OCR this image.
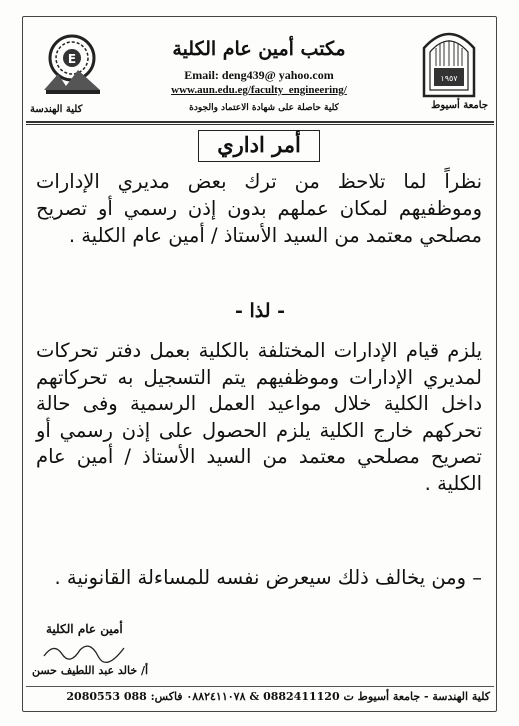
E
كلية الهندسة
١٩٥٧
جامعة أسيوط
مكتب أمين عام الكلية
Email: deng439@ yahoo.com
www.aun.edu.eg/faculty_engineering/
كلية حاصلة على شهادة الاعتماد والجودة
أمر اداري
نظراً لما تلاحظ من ترك بعض مديري الإدارات وموظفيهم لمكان عملهم بدون إذن رسمي أو تصريح مصلحي معتمد من السيد الأستاذ / أمين عام الكلية .
- لذا -
يلزم قيام الإدارات المختلفة بالكلية بعمل دفتر تحركات لمديري الإدارات وموظفيهم يتم التسجيل به تحركاتهم داخل الكلية خلال مواعيد العمل الرسمية وفى حالة تحركهم خارج الكلية يلزم الحصول على إذن رسمي أو تصريح مصلحي معتمد من السيد الأستاذ / أمين عام الكلية .
– ومن يخالف ذلك سيعرض نفسه للمساءلة القانونية .
أمين عام الكلية
أ/ خالد عبد اللطيف حسن
كلية الهندسة - جامعة أسيوط ت 0882411120 & ٠٨٨٢٤١١٠٧٨ فاكس: 088 2080553
